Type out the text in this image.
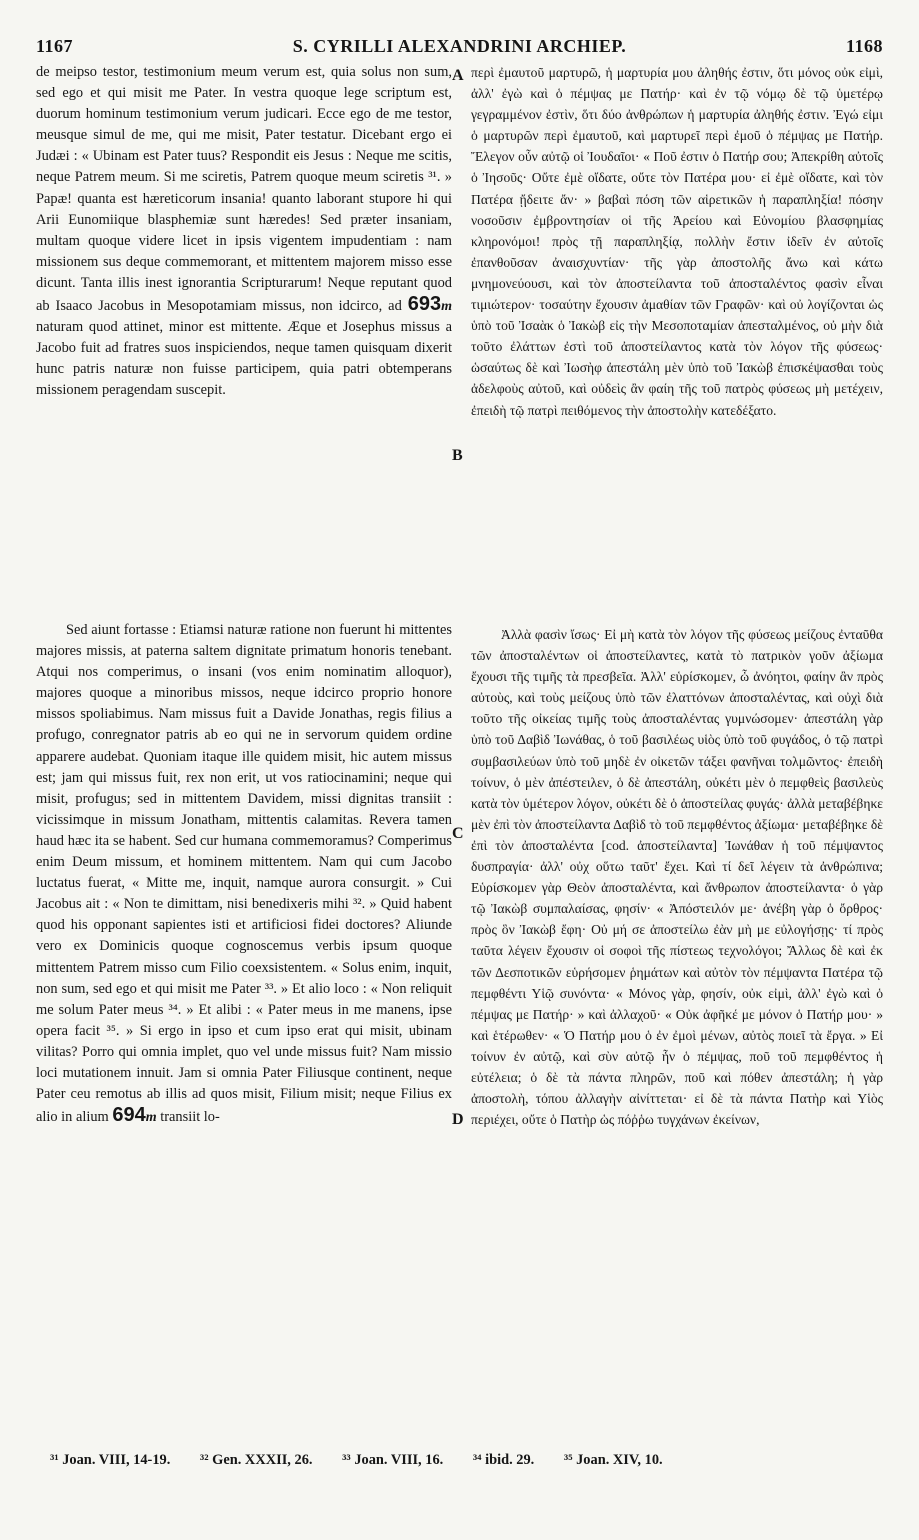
1167	S. CYRILLI ALEXANDRINI ARCHIEP.	1168

de meipso testor, testimonium meum verum est, quia solus non sum, sed ego et qui misit me Pater. In vestra quoque lege scriptum est, duorum hominum testimonium verum judicari. Ecce ego de me testor, meusque simul de me, qui me misit, Pater testatur. Dicebant ergo ei Judæi : « Ubinam est Pater tuus? Respondit eis Jesus : Neque me scitis, neque Patrem meum. Si me sciretis, Patrem quoque meum sciretis ³¹. » Papæ! quanta est hæreticorum insania! quanto laborant stupore hi qui Arii Eunomiique blasphemiæ sunt hæredes! Sed præter insaniam, multam quoque videre licet in ipsis vigentem impudentiam : nam missionem sus deque commemorant, et mittentem majorem misso esse dicunt. Tanta illis inest ignorantia Scripturarum! Neque reputant quod ab Isaaco Jacobus in Mesopotamiam missus, non idcirco, ad 693m naturam quod attinet, minor est mittente. Æque et Josephus missus a Jacobo fuit ad fratres suos inspiciendos, neque tamen quisquam dixerit hunc patris naturæ non fuisse participem, quia patri obtemperans missionem peragendam suscepit.

περὶ ἐμαυτοῦ μαρτυρῶ, ἡ μαρτυρία μου ἀληθής ἐστιν, ὅτι μόνος οὐκ εἰμὶ, ἀλλ' ἐγὼ καὶ ὁ πέμψας με Πατήρ· καὶ ἐν τῷ νόμῳ δὲ τῷ ὑμετέρῳ γεγραμμένον ἐστὶν, ὅτι δύο ἀνθρώπων ἡ μαρτυρία ἀληθής ἐστιν. Ἐγώ εἰμι ὁ μαρτυρῶν περὶ ἐμαυτοῦ, καὶ μαρτυρεῖ περὶ ἐμοῦ ὁ πέμψας με Πατήρ. Ἔλεγον οὖν αὐτῷ οἱ Ἰουδαῖοι· « Ποῦ ἐστιν ὁ Πατήρ σου; Ἀπεκρίθη αὐτοῖς ὁ Ἰησοῦς· Οὔτε ἐμὲ οἴδατε, οὔτε τὸν Πατέρα μου· εἰ ἐμὲ οἴδατε, καὶ τὸν Πατέρα ᾔδειτε ἄν· » βαβαὶ πόση τῶν αἱρετικῶν ἡ παραπληξία! πόσην νοσοῦσιν ἐμβροντησίαν οἱ τῆς Ἀρείου καὶ Εὐνομίου βλασφημίας κληρονόμοι! πρὸς τῇ παραπληξίᾳ, πολλὴν ἔστιν ἰδεῖν ἐν αὐτοῖς ἐπανθοῦσαν ἀναισχυντίαν· τῆς γὰρ ἀποστολῆς ἄνω καὶ κάτω μνημονεύουσι, καὶ τὸν ἀποστείλαντα τοῦ ἀποσταλέντος φασὶν εἶναι τιμιώτερον· τοσαύτην ἔχουσιν ἀμαθίαν τῶν Γραφῶν· καὶ οὐ λογίζονται ὡς ὑπὸ τοῦ Ἰσαὰκ ὁ Ἰακὼβ εἰς τὴν Μεσοποταμίαν ἀπεσταλμένος, οὐ μὴν διὰ τοῦτο ἐλάττων ἐστὶ τοῦ ἀποστείλαντος κατὰ τὸν λόγον τῆς φύσεως· ὡσαύτως δὲ καὶ Ἰωσὴφ ἀπεστάλη μὲν ὑπὸ τοῦ Ἰακὼβ ἐπισκέψασθαι τοὺς ἀδελφοὺς αὐτοῦ, καὶ οὐδεὶς ἂν φαίη τῆς τοῦ πατρὸς φύσεως μὴ μετέχειν, ἐπειδὴ τῷ πατρὶ πειθόμενος τὴν ἀποστολὴν κατεδέξατο.

Sed aiunt fortasse : Etiamsi naturæ ratione non fuerunt hi mittentes majores missis, at paterna saltem dignitate primatum honoris tenebant. Atqui nos comperimus, o insani (vos enim nominatim alloquor), majores quoque a minoribus missos, neque idcirco proprio honore missos spoliabimus. Nam missus fuit a Davide Jonathas, regis filius a profugo, conregnator patris ab eo qui ne in servorum quidem ordine apparere audebat. Quoniam itaque ille quidem misit, hic autem missus est; jam qui missus fuit, rex non erit, ut vos ratiocinamini; neque qui misit, profugus; sed in mittentem Davidem, missi dignitas transiit : vicissimque in missum Jonatham, mittentis calamitas. Revera tamen haud hæc ita se habent. Sed cur humana commemoramus? Comperimus enim Deum missum, et hominem mittentem. Nam qui cum Jacobo luctatus fuerat, « Mitte me, inquit, namque aurora consurgit. » Cui Jacobus ait : « Non te dimittam, nisi benedixeris mihi ³². » Quid habent quod his opponant sapientes isti et artificiosi fidei doctores? Aliunde vero ex Dominicis quoque cognoscemus verbis ipsum quoque mittentem Patrem misso cum Filio coexsistentem. « Solus enim, inquit, non sum, sed ego et qui misit me Pater ³³. » Et alio loco : « Non reliquit me solum Pater meus ³⁴. » Et alibi : « Pater meus in me manens, ipse opera facit ³⁵. » Si ergo in ipso et cum ipso erat qui misit, ubinam vilitas? Porro qui omnia implet, quo vel unde missus fuit? Nam missio loci mutationem innuit. Jam si omnia Pater Filiusque continent, neque Pater ceu remotus ab illis ad quos misit, Filium misit; neque Filius ex alio in alium 694m transiit lo-

Ἀλλὰ φασὶν ἴσως· Εἰ μὴ κατὰ τὸν λόγον τῆς φύσεως μείζους ἐνταῦθα τῶν ἀποσταλέντων οἱ ἀποστείλαντες, κατὰ τὸ πατρικὸν γοῦν ἀξίωμα ἔχουσι τῆς τιμῆς τὰ πρεσβεῖα. Ἀλλ' εὑρίσκομεν, ὦ ἀνόητοι, φαίην ἂν πρὸς αὐτοὺς, καὶ τοὺς μείζους ὑπὸ τῶν ἐλαττόνων ἀποσταλέντας, καὶ οὐχὶ διὰ τοῦτο τῆς οἰκείας τιμῆς τοὺς ἀποσταλέντας γυμνώσομεν· ἀπεστάλη γὰρ ὑπὸ τοῦ Δαβὶδ Ἰωνάθας, ὁ τοῦ βασιλέως υἱὸς ὑπὸ τοῦ φυγάδος, ὁ τῷ πατρὶ συμβασιλεύων ὑπὸ τοῦ μηδὲ ἐν οἰκετῶν τάξει φανῆναι τολμῶντος· ἐπειδὴ τοίνυν, ὁ μὲν ἀπέστειλεν, ὁ δὲ ἀπεστάλη, οὐκέτι μὲν ὁ πεμφθεὶς βασιλεὺς κατὰ τὸν ὑμέτερον λόγον, οὐκέτι δὲ ὁ ἀποστείλας φυγάς· ἀλλὰ μεταβέβηκε μὲν ἐπὶ τὸν ἀποστείλαντα Δαβὶδ τὸ τοῦ πεμφθέντος ἀξίωμα· μεταβέβηκε δὲ ἐπὶ τὸν ἀποσταλέντα [cod. ἀποστείλαντα] Ἰωνάθαν ἡ τοῦ πέμψαντος δυσπραγία· ἀλλ' οὐχ οὕτω ταῦτ' ἔχει. Καὶ τί δεῖ λέγειν τὰ ἀνθρώπινα; Εὑρίσκομεν γὰρ Θεὸν ἀποσταλέντα, καὶ ἄνθρωπον ἀποστείλαντα· ὁ γὰρ τῷ Ἰακὼβ συμπαλαίσας, φησίν· « Ἀπόστειλόν με· ἀνέβη γὰρ ὁ ὄρθρος· πρὸς ὃν Ἰακὼβ ἔφη· Οὐ μή σε ἀποστείλω ἐὰν μὴ με εὐλογήσῃς· τί πρὸς ταῦτα λέγειν ἔχουσιν οἱ σοφοὶ τῆς πίστεως τεχνολόγοι; Ἄλλως δὲ καὶ ἐκ τῶν Δεσποτικῶν εὑρήσομεν ῥημάτων καὶ αὐτὸν τὸν πέμψαντα Πατέρα τῷ πεμφθέντι Υἱῷ συνόντα· « Μόνος γὰρ, φησίν, οὐκ εἰμὶ, ἀλλ' ἐγὼ καὶ ὁ πέμψας με Πατήρ· » καὶ ἀλλαχοῦ· « Οὐκ ἀφῆκέ με μόνον ὁ Πατήρ μου· » καὶ ἑτέρωθεν· « Ὁ Πατήρ μου ὁ ἐν ἐμοὶ μένων, αὐτὸς ποιεῖ τὰ ἔργα. » Εἰ τοίνυν ἐν αὐτῷ, καὶ σὺν αὐτῷ ἦν ὁ πέμψας, ποῦ τοῦ πεμφθέντος ἡ εὐτέλεια; ὁ δὲ τὰ πάντα πληρῶν, ποῦ καὶ πόθεν ἀπεστάλη; ἡ γὰρ ἀποστολὴ, τόπου ἀλλαγὴν αἰνίττεται· εἰ δὲ τὰ πάντα Πατὴρ καὶ Υἱὸς περιέχει, οὔτε ὁ Πατὴρ ὡς πόῤῥω τυγχάνων ἐκείνων,

A
B
C
D
³¹ Joan. VIII, 14-19. ³² Gen. XXXII, 26. ³³ Joan. VIII, 16. ³⁴ ibid. 29. ³⁵ Joan. XIV, 10.
